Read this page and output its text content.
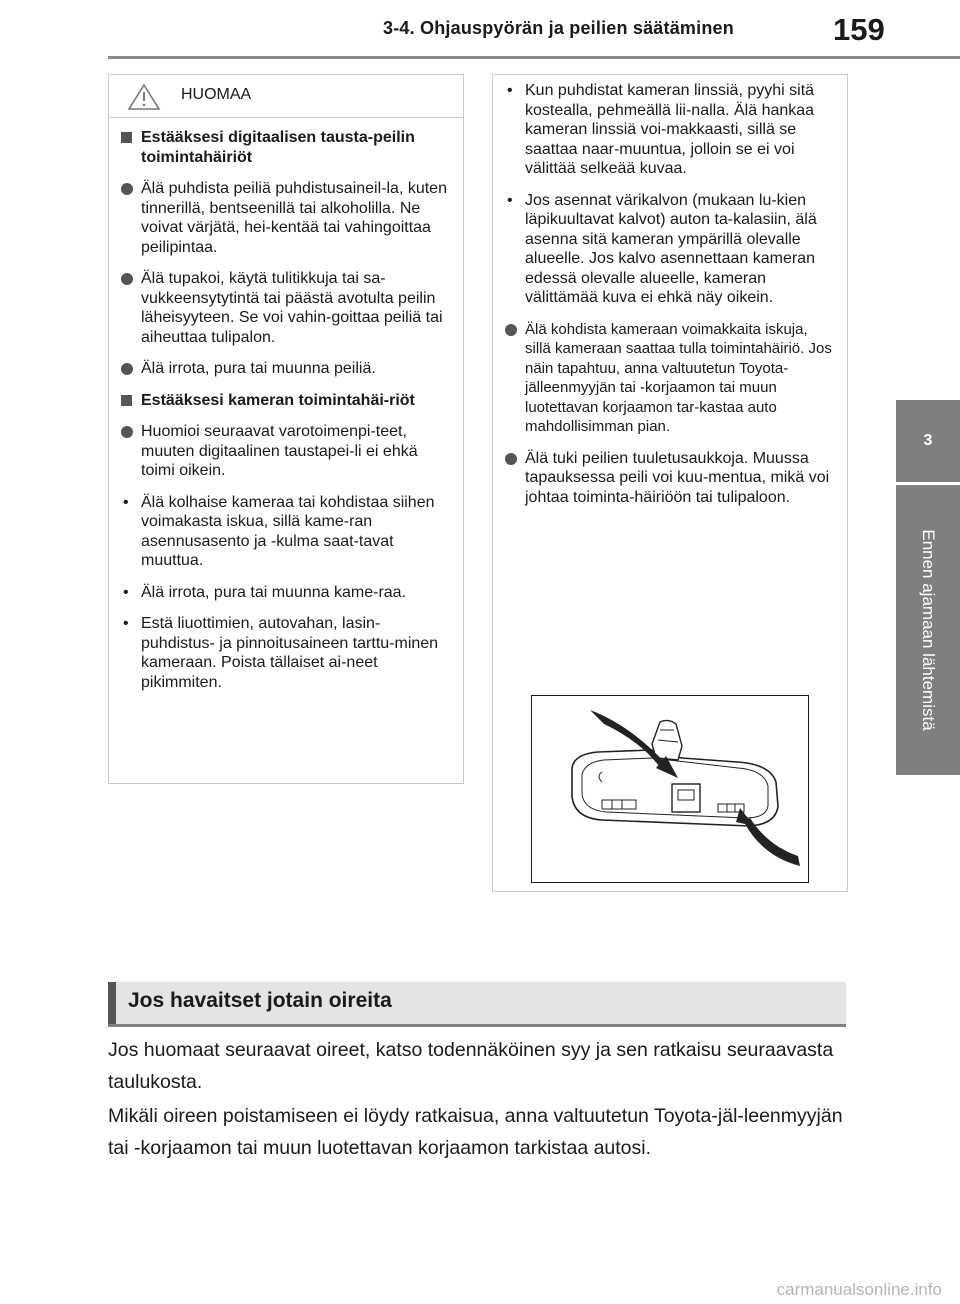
3-4. Ohjauspyörän ja peilien säätäminen	159
3
Ennen ajamaan lähtemistä
HUOMAA
Estääksesi digitaalisen tausta-peilin toimintahäiriöt
Älä puhdista peiliä puhdistusaineil-la, kuten tinnerillä, bentseenillä tai alkoholilla. Ne voivat värjätä, hei-kentää tai vahingoittaa peilipintaa.
Älä tupakoi, käytä tulitikkuja tai sa-vukkeensytytintä tai päästä avotulta peilin läheisyyteen. Se voi vahin-goittaa peiliä tai aiheuttaa tulipalon.
Älä irrota, pura tai muunna peiliä.
Estääksesi kameran toimintahäi-riöt
Huomioi seuraavat varotoimenpi-teet, muuten digitaalinen taustapei-li ei ehkä toimi oikein.
• Älä kolhaise kameraa tai kohdistaa siihen voimakasta iskua, sillä kame-ran asennusasento ja -kulma saat-tavat muuttua.
• Älä irrota, pura tai muunna kame-raa.
• Estä liuottimien, autovahan, lasin-puhdistus- ja pinnoitusaineen tarttu-minen kameraan. Poista tällaiset ai-neet pikimmiten.
• Kun puhdistat kameran linssiä, pyyhi sitä kostealla, pehmeällä lii-nalla. Älä hankaa kameran linssiä voi-makkaasti, sillä se saattaa naar-muuntua, jolloin se ei voi välittää selkeää kuvaa.
• Jos asennat värikalvon (mukaan lu-kien läpikuultavat kalvot) auton ta-kalasiin, älä asenna sitä kameran ympärillä olevalle alueelle. Jos kalvo asennettaan kameran edessä olevalle alueelle, kameran välittämää kuva ei ehkä näy oikein.
Älä kohdista kameraan voimakkaita iskuja, sillä kameraan saattaa tulla toimintahäiriö. Jos näin tapahtuu, anna valtuutetun Toyota-jälleenmyyjän tai -korjaamon tai muun luotettavan korjaamon tar-kastaa auto mahdollisimman pian.
Älä tuki peilien tuuletusaukkoja. Muussa tapauksessa peili voi kuu-mentua, mikä voi johtaa toiminta-häiriöön tai tulipaloon.
Jos havaitset jotain oireita
Jos huomaat seuraavat oireet, katso todennäköinen syy ja sen ratkaisu seuraavasta taulukosta.
Mikäli oireen poistamiseen ei löydy ratkaisua, anna valtuutetun Toyota-jäl-leenmyyjän tai -korjaamon tai muun luotettavan korjaamon tarkistaa autosi.
carmanualsonline.info
